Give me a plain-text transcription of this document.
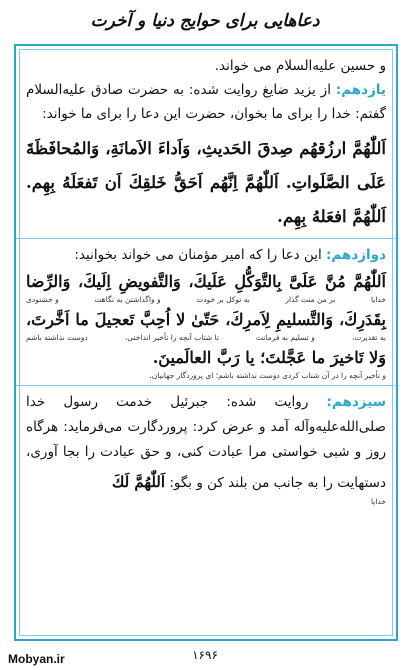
دعاهایی برای حوایج دنیا و آخرت
و حسین علیه‌السلام می خواند.
یازدهم: از یزید ضایغ روایت شده: به حضرت صادق علیه‌السلام گفتم: خدا را برای ما بخوان، حضرت این دعا را برای ما خواند:
اَللّٰهُمَّ ارزُقهُم صِدقَ الحَدیثِ، وَاَداءَ الاَمانَةِ، وَالمُحافَظَةَ عَلَى الصَّلَواتِ. اَللّٰهُمَّ اِنَّهُم اَحَقُّ خَلقِكَ اَن تَفعَلَهُ بِهِم. اَللّٰهُمَّ افعَلهُ بِهِم.
دوازدهم: این دعا را که امیر مؤمنان می خواند بخوانید:
اَللّٰهُمَّ مُنَّ عَلَىَّ بِالتَّوَكُّلِ عَلَیكَ، وَالتَّفویضِ اِلَیكَ، وَالرِّضا
خدایا
بر من منت گذار
به توکل بر خودت
و واگذاشتن به نگاهت
و خشنودی
بِقَدَرِكَ، وَالتَّسلیمِ لِاَمرِكَ، حَتّىٰ لا اُحِبَّ تَعجیلَ ما اَخَّرتَ،
به تقدیرت،
و تسلیم به فرمانت
تا شتاب آنچه را تأخیر انداختی،
دوست نداشته باشم
وَلا تَاخیرَ ما عَجَّلتَ؛ یا رَبَّ العالَمینَ.
و تأخیر آنچه را در آن شتاب کردی دوست نداشته باشم؛ ای پروردگار جهانیان.
سیزدهم: روایت شده: جبرئیل خدمت رسول خدا صلی‌الله‌علیه‌وآله آمد و عرض کرد: پروردگارت می‌فرماید: هرگاه روز و شبی خواستی مرا عبادت کنی، و حق عبادت را بجا آوری، دستهایت را به جانب من بلند کن و بگو: اَللّٰهُمَّ لَكَ
خدایا
Mobyan.ir	۱۶۹۶
